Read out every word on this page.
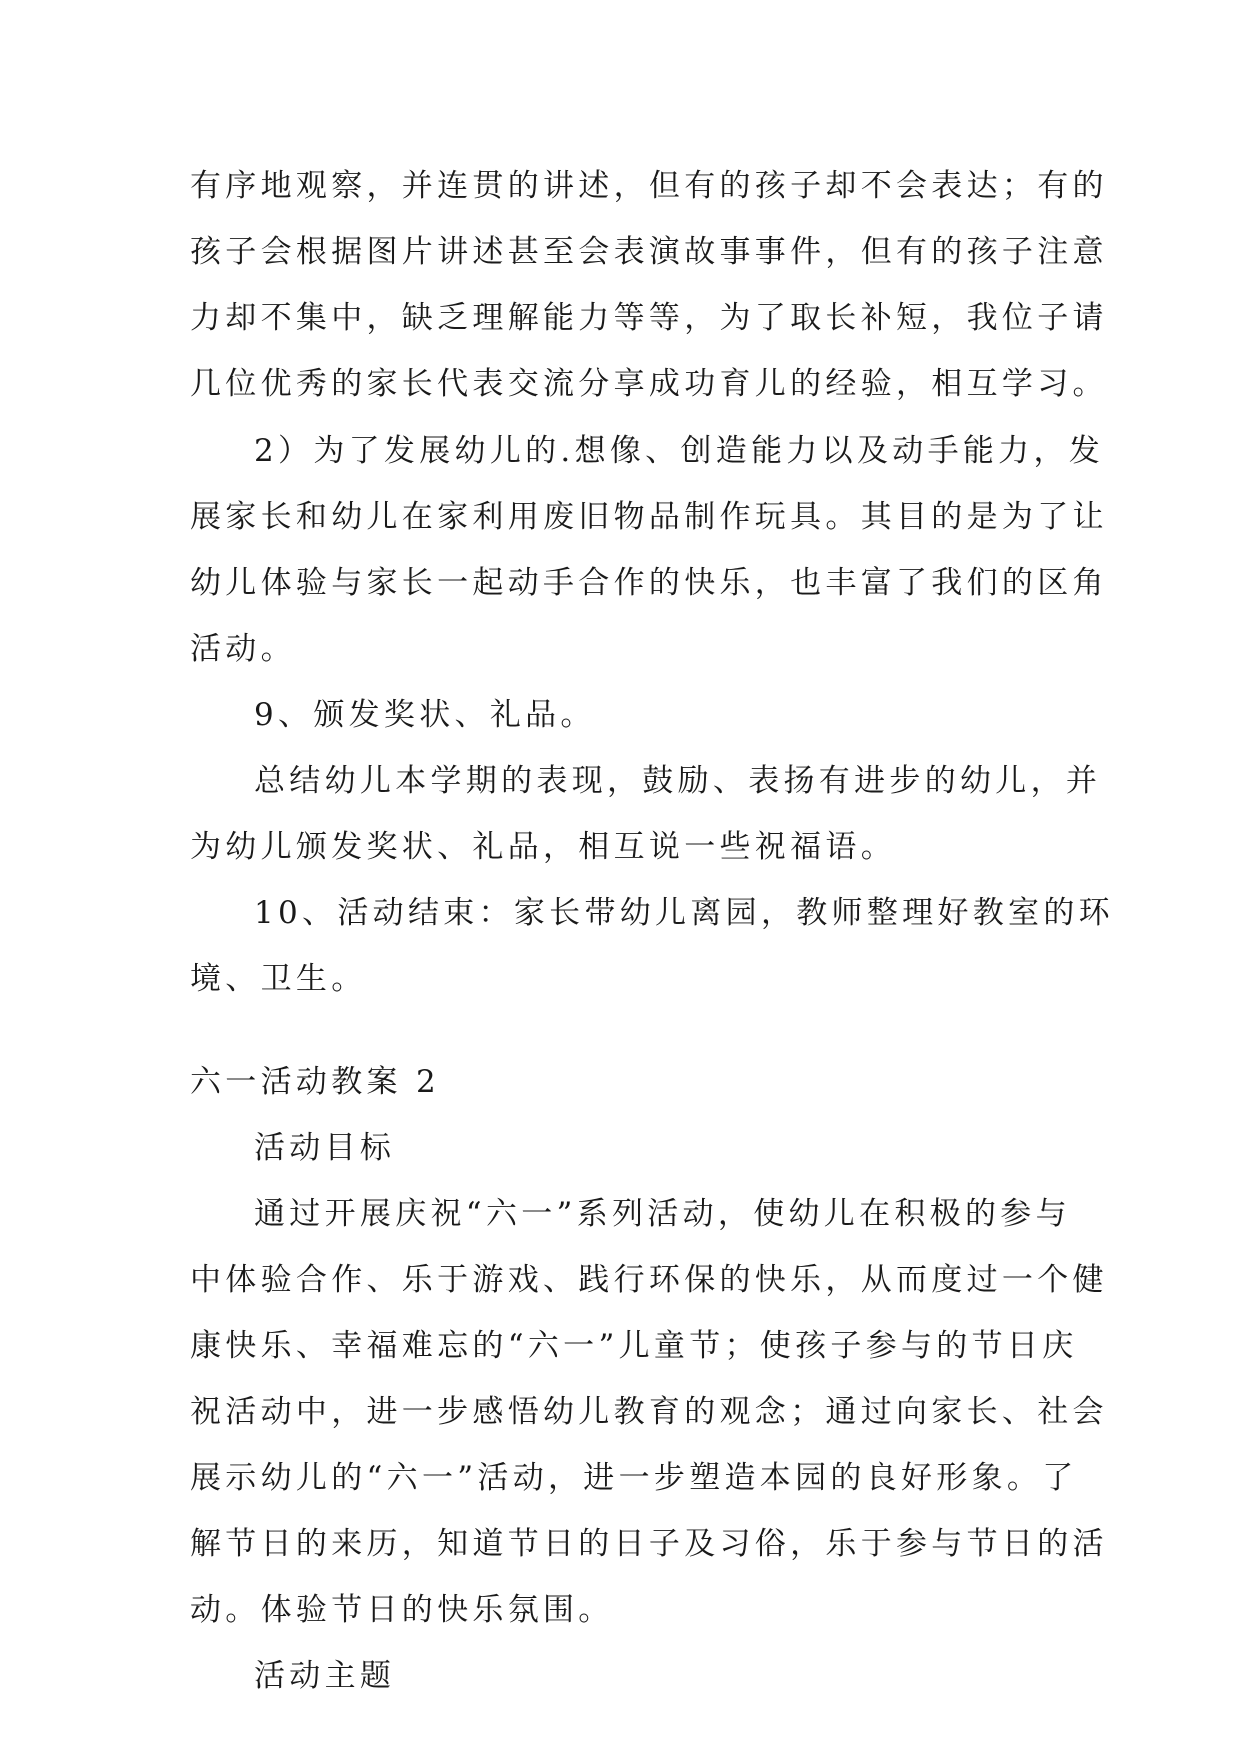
有序地观察，并连贯的讲述，但有的孩子却不会表达；有的
孩子会根据图片讲述甚至会表演故事事件，但有的孩子注意
力却不集中，缺乏理解能力等等，为了取长补短，我位子请
几位优秀的家长代表交流分享成功育儿的经验，相互学习。
2）为了发展幼儿的.想像、创造能力以及动手能力，发
展家长和幼儿在家利用废旧物品制作玩具。其目的是为了让
幼儿体验与家长一起动手合作的快乐，也丰富了我们的区角
活动。
9、颁发奖状、礼品。
总结幼儿本学期的表现，鼓励、表扬有进步的幼儿，并
为幼儿颁发奖状、礼品，相互说一些祝福语。
10、活动结束：家长带幼儿离园，教师整理好教室的环
境、卫生。
六一活动教案 2
活动目标
通过开展庆祝“六一”系列活动，使幼儿在积极的参与
中体验合作、乐于游戏、践行环保的快乐，从而度过一个健
康快乐、幸福难忘的“六一”儿童节；使孩子参与的节日庆
祝活动中，进一步感悟幼儿教育的观念；通过向家长、社会
展示幼儿的“六一”活动，进一步塑造本园的良好形象。了
解节日的来历，知道节日的日子及习俗，乐于参与节日的活
动。体验节日的快乐氛围。
活动主题
